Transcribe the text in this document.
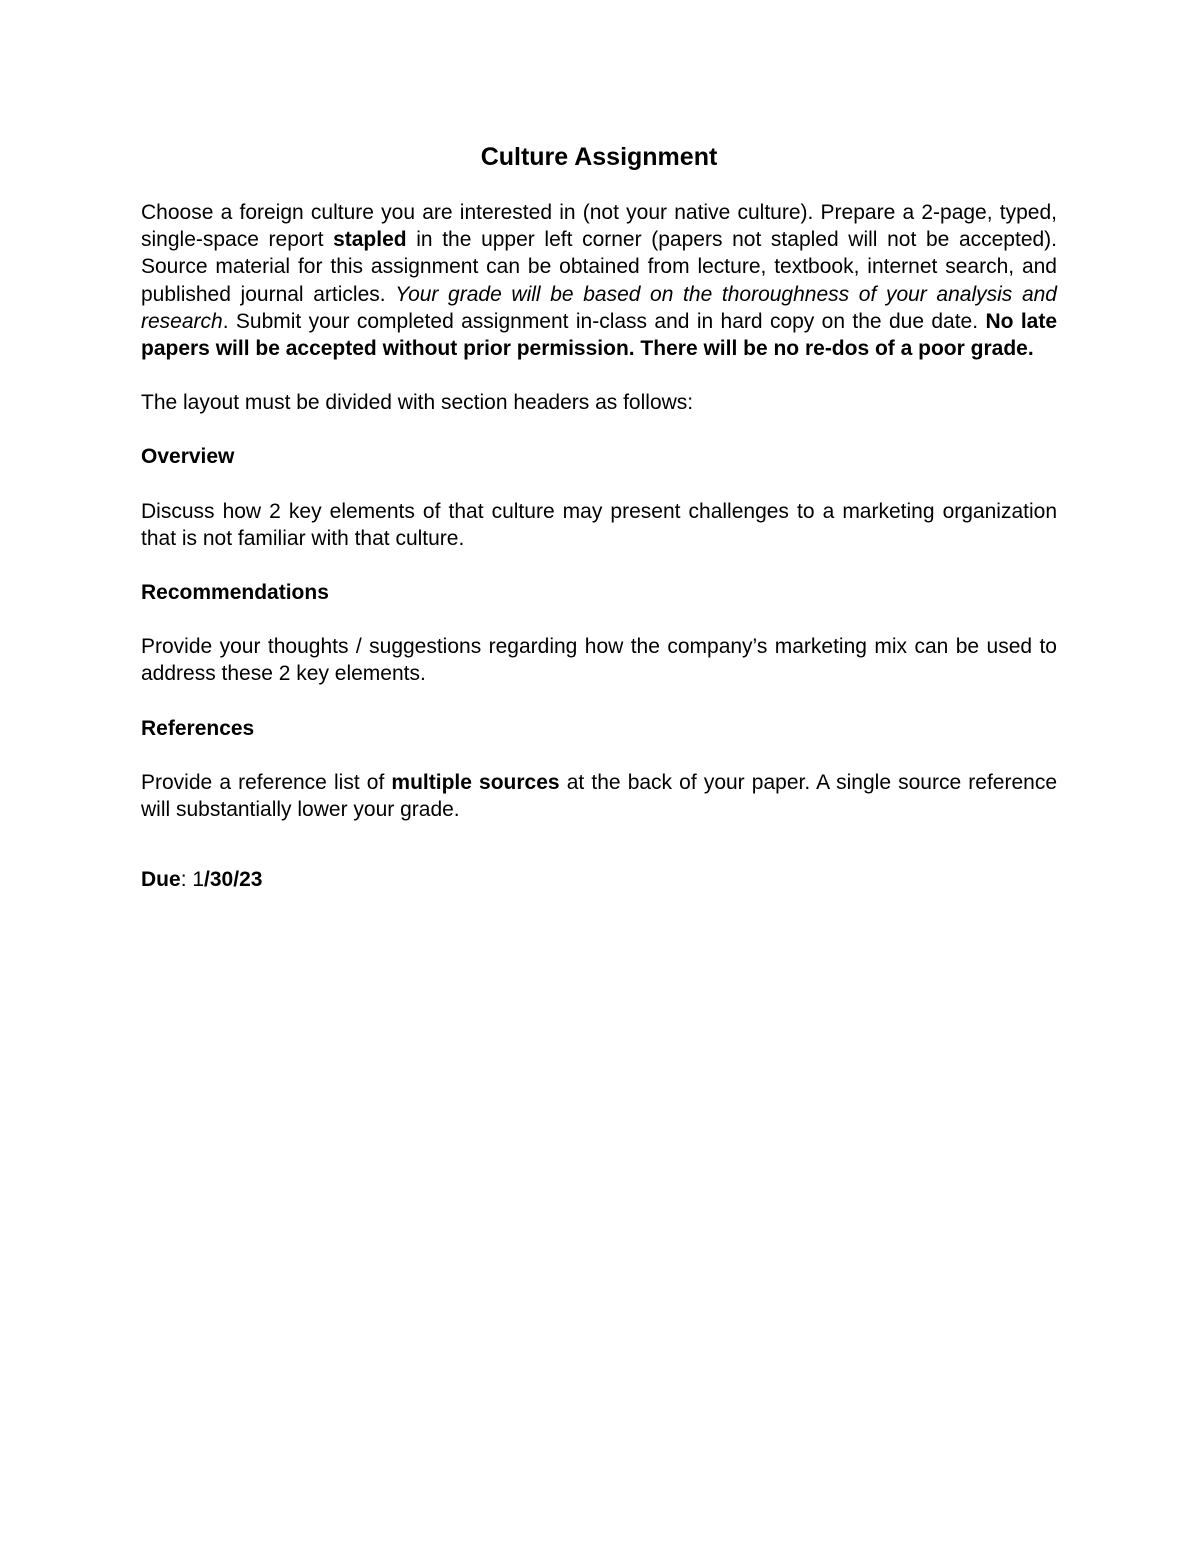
Culture Assignment

Choose a foreign culture you are interested in (not your native culture). Prepare a 2-page, typed, single-space report stapled in the upper left corner (papers not stapled will not be accepted). Source material for this assignment can be obtained from lecture, textbook, internet search, and published journal articles. Your grade will be based on the thoroughness of your analysis and research. Submit your completed assignment in-class and in hard copy on the due date. No late papers will be accepted without prior permission. There will be no re-dos of a poor grade.

The layout must be divided with section headers as follows:

Overview

Discuss how 2 key elements of that culture may present challenges to a marketing organization that is not familiar with that culture.

Recommendations

Provide your thoughts / suggestions regarding how the company’s marketing mix can be used to address these 2 key elements.

References

Provide a reference list of multiple sources at the back of your paper. A single source reference will substantially lower your grade.

Due: 1/30/23
